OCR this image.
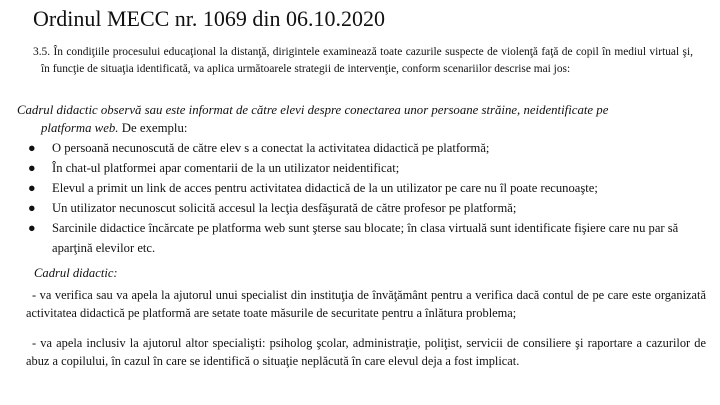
Ordinul MECC nr. 1069 din 06.10.2020
3.5. În condiţiile procesului educaţional la distanţă, dirigintele examinează toate cazurile suspecte de violenţă faţă de copil în mediul virtual şi, în funcţie de situaţia identificată, va aplica următoarele strategii de intervenţie, conform scenariilor descrise mai jos:
Cadrul didactic observă sau este informat de către elevi despre conectarea unor persoane străine, neidentificate pe
platforma web. De exemplu:
● O persoană necunoscută de către elev s a conectat la activitatea didactică pe platformă;
● În chat-ul platformei apar comentarii de la un utilizator neidentificat;
● Elevul a primit un link de acces pentru activitatea didactică de la un utilizator pe care nu îl poate recunoaşte;
● Un utilizator necunoscut solicită accesul la lecţia desfăşurată de către profesor pe platformă;
● Sarcinile didactice încărcate pe platforma web sunt şterse sau blocate; în clasa virtuală sunt identificate fişiere care nu par să aparţină elevilor etc.
Cadrul didactic:
- va verifica sau va apela la ajutorul unui specialist din instituţia de învăţământ pentru a verifica dacă contul de pe care este organizată activitatea didactică pe platformă are setate toate măsurile de securitate pentru a înlătura problema;
- va apela inclusiv la ajutorul altor specialişti: psiholog şcolar, administraţie, poliţist, servicii de consiliere şi raportare a cazurilor de abuz a copilului, în cazul în care se identifică o situaţie neplăcută în care elevul deja a fost implicat.
